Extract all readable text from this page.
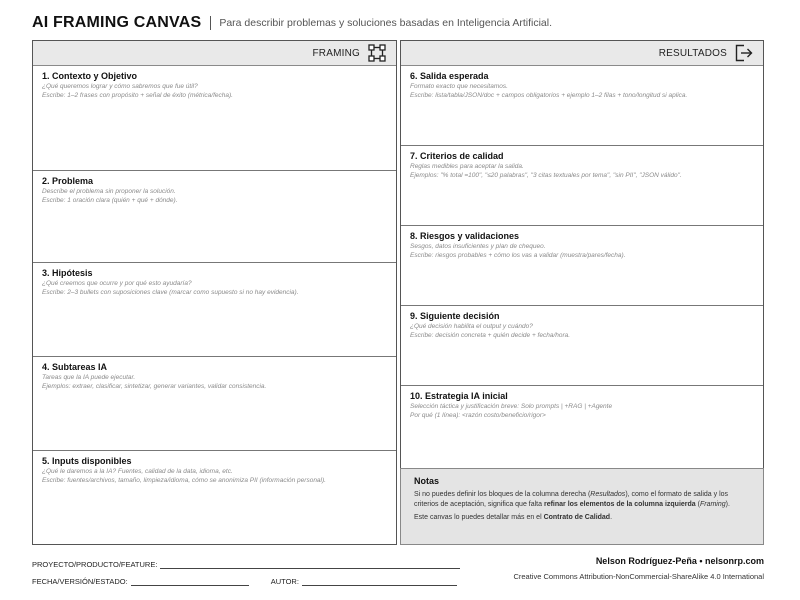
AI FRAMING CANVAS Para describir problemas y soluciones basadas en Inteligencia Artificial.
FRAMING
1. Contexto y Objetivo
¿Qué queremos lograr y cómo sabremos que fue útil?
Escribe: 1–2 frases con propósito + señal de éxito (métrica/fecha).
2. Problema
Describe el problema sin proponer la solución.
Escribe: 1 oración clara (quién + qué + dónde).
3. Hipótesis
¿Qué creemos que ocurre y por qué esto ayudaría?
Escribe: 2–3 bullets con suposiciones clave (marcar como supuesto si no hay evidencia).
4. Subtareas IA
Tareas que la IA puede ejecutar.
Ejemplos: extraer, clasificar, sintetizar, generar variantes, validar consistencia.
5. Inputs disponibles
¿Qué le daremos a la IA? Fuentes, calidad de la data, idioma, etc.
Escribe: fuentes/archivos, tamaño, limpieza/idioma, cómo se anonimiza PII (información personal).
RESULTADOS
6. Salida esperada
Formato exacto que necesitamos.
Escribe: lista/tabla/JSON/doc + campos obligatorios + ejemplo 1–2 filas + tono/longitud si aplica.
7. Criterios de calidad
Reglas medibles para aceptar la salida.
Ejemplos: "% total =100", "≤20 palabras", "3 citas textuales por tema", "sin PII", "JSON válido".
8. Riesgos y validaciones
Sesgos, datos insuficientes y plan de chequeo.
Escribe: riesgos probables + cómo los vas a validar (muestra/pares/fecha).
9. Siguiente decisión
¿Qué decisión habilita el output y cuándo?
Escribe: decisión concreta + quién decide + fecha/hora.
10. Estrategia IA inicial
Selección táctica y justificación breve: Solo prompts | +RAG | +Agente
Por qué (1 línea): <razón costo/beneficio/rigor>
Notas

Si no puedes definir los bloques de la columna derecha (Resultados), como el formato de salida y los criterios de aceptación, significa que falta refinar los elementos de la columna izquierda (Framing).

Este canvas lo puedes detallar más en el Contrato de Calidad.

PROYECTO/PRODUCTO/FEATURE:
FECHA/VERSIÓN/ESTADO:	AUTOR:
Nelson Rodríguez-Peña • nelsonrp.com
Creative Commons Attribution-NonCommercial-ShareAlike 4.0 International
